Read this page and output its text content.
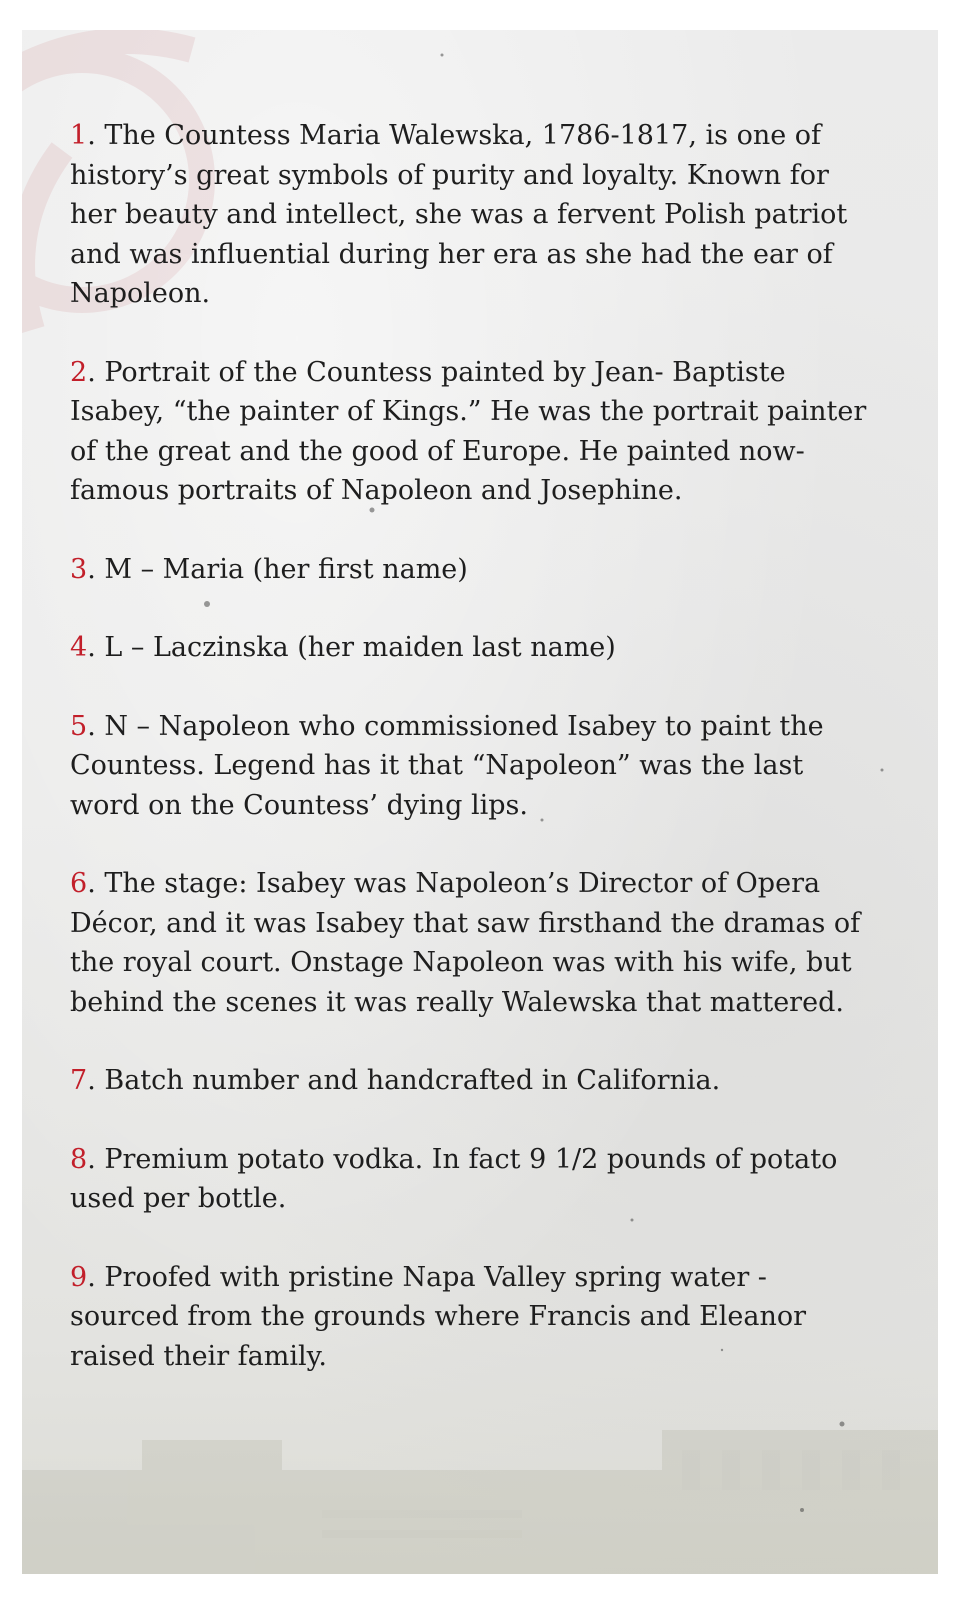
1. The Countess Maria Walewska, 1786-1817, is one of history’s great symbols of purity and loyalty. Known for her beauty and intellect, she was a fervent Polish patriot and was influential during her era as she had the ear of Napoleon.

2. Portrait of the Countess painted by Jean- Baptiste Isabey, “the painter of Kings.” He was the portrait painter of the great and the good of Europe. He painted now-famous portraits of Napoleon and Josephine.

3. M – Maria (her first name)

4. L – Laczinska (her maiden last name)

5. N – Napoleon who commissioned Isabey to paint the Countess. Legend has it that “Napoleon” was the last word on the Countess’ dying lips.

6. The stage: Isabey was Napoleon’s Director of Opera Décor, and it was Isabey that saw firsthand the dramas of the royal court. Onstage Napoleon was with his wife, but behind the scenes it was really Walewska that mattered.

7. Batch number and handcrafted in California.

8. Premium potato vodka. In fact 9 1/2 pounds of potato used per bottle.

9. Proofed with pristine Napa Valley spring water - sourced from the grounds where Francis and Eleanor raised their family.
